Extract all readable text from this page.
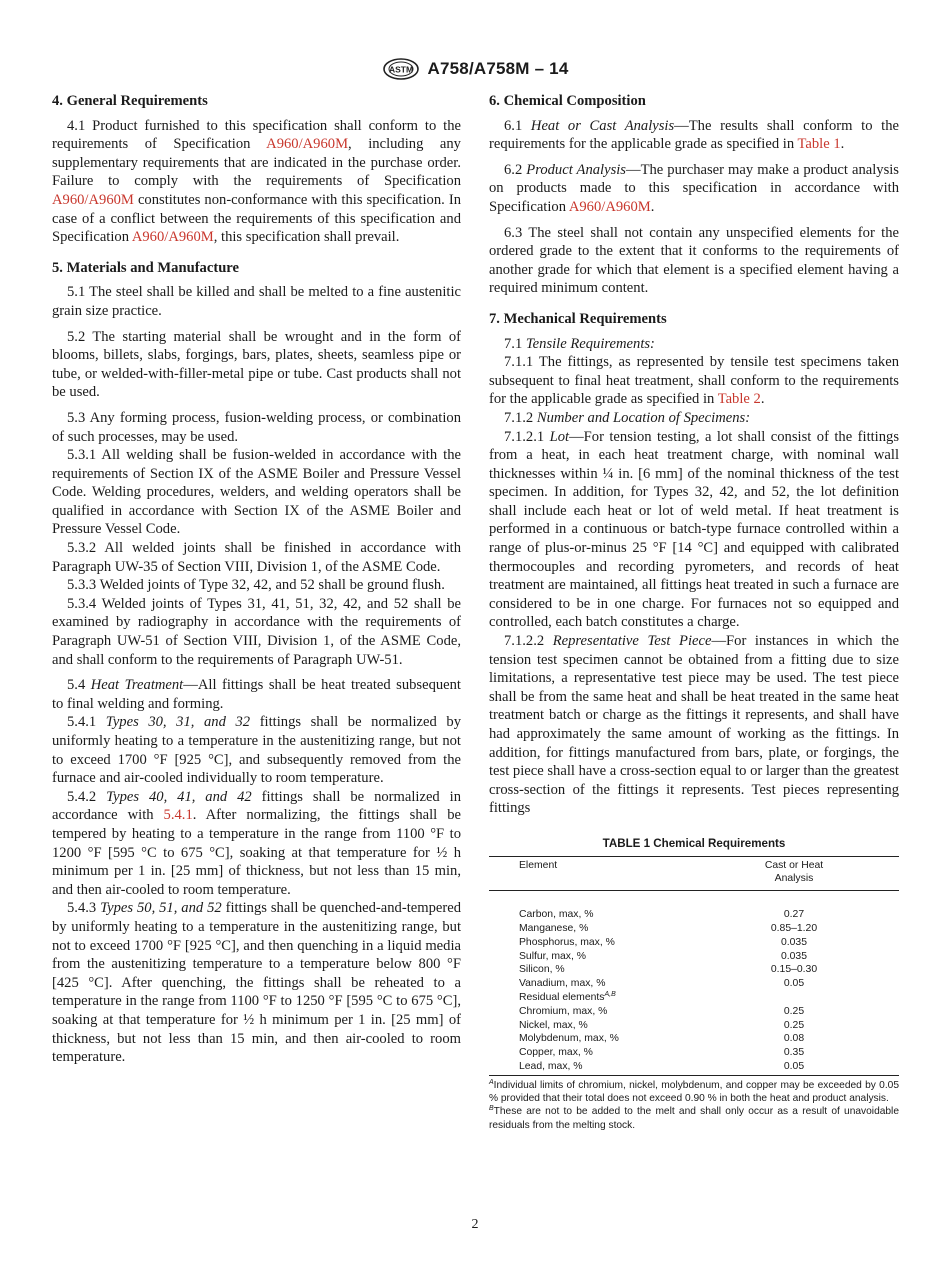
ASTM A758/A758M – 14
4. General Requirements

4.1 Product furnished to this specification shall conform to the requirements of Specification A960/A960M, including any supplementary requirements that are indicated in the purchase order. Failure to comply with the requirements of Specification A960/A960M constitutes non-conformance with this specification. In case of a conflict between the requirements of this specification and Specification A960/A960M, this specification shall prevail.

5. Materials and Manufacture

5.1 The steel shall be killed and shall be melted to a fine austenitic grain size practice.

5.2 The starting material shall be wrought and in the form of blooms, billets, slabs, forgings, bars, plates, sheets, seamless pipe or tube, or welded-with-filler-metal pipe or tube. Cast products shall not be used.

5.3 Any forming process, fusion-welding process, or combination of such processes, may be used.

5.3.1 All welding shall be fusion-welded in accordance with the requirements of Section IX of the ASME Boiler and Pressure Vessel Code. Welding procedures, welders, and welding operators shall be qualified in accordance with Section IX of the ASME Boiler and Pressure Vessel Code.

5.3.2 All welded joints shall be finished in accordance with Paragraph UW-35 of Section VIII, Division 1, of the ASME Code.

5.3.3 Welded joints of Type 32, 42, and 52 shall be ground flush.

5.3.4 Welded joints of Types 31, 41, 51, 32, 42, and 52 shall be examined by radiography in accordance with the requirements of Paragraph UW-51 of Section VIII, Division 1, of the ASME Code, and shall conform to the requirements of Paragraph UW-51.

5.4 Heat Treatment—All fittings shall be heat treated subsequent to final welding and forming.

5.4.1 Types 30, 31, and 32 fittings shall be normalized by uniformly heating to a temperature in the austenitizing range, but not to exceed 1700 °F [925 °C], and subsequently removed from the furnace and air-cooled individually to room temperature.

5.4.2 Types 40, 41, and 42 fittings shall be normalized in accordance with 5.4.1. After normalizing, the fittings shall be tempered by heating to a temperature in the range from 1100 °F to 1200 °F [595 °C to 675 °C], soaking at that temperature for ½ h minimum per 1 in. [25 mm] of thickness, but not less than 15 min, and then air-cooled to room temperature.

5.4.3 Types 50, 51, and 52 fittings shall be quenched-and-tempered by uniformly heating to a temperature in the austenitizing range, but not to exceed 1700 °F [925 °C], and then quenching in a liquid media from the austenitizing temperature to a temperature below 800 °F [425 °C]. After quenching, the fittings shall be reheated to a temperature in the range from 1100 °F to 1250 °F [595 °C to 675 °C], soaking at that temperature for ½ h minimum per 1 in. [25 mm] of thickness, but not less than 15 min, and then air-cooled to room temperature.

6. Chemical Composition

6.1 Heat or Cast Analysis—The results shall conform to the requirements for the applicable grade as specified in Table 1.

6.2 Product Analysis—The purchaser may make a product analysis on products made to this specification in accordance with Specification A960/A960M.

6.3 The steel shall not contain any unspecified elements for the ordered grade to the extent that it conforms to the requirements of another grade for which that element is a specified element having a required minimum content.

7. Mechanical Requirements

7.1 Tensile Requirements:

7.1.1 The fittings, as represented by tensile test specimens taken subsequent to final heat treatment, shall conform to the requirements for the applicable grade as specified in Table 2.

7.1.2 Number and Location of Specimens:

7.1.2.1 Lot—For tension testing, a lot shall consist of the fittings from a heat, in each heat treatment charge, with nominal wall thicknesses within ¼ in. [6 mm] of the nominal thickness of the test specimen. In addition, for Types 32, 42, and 52, the lot definition shall include each heat or lot of weld metal. If heat treatment is performed in a continuous or batch-type furnace controlled within a range of plus-or-minus 25 °F [14 °C] and equipped with calibrated thermocouples and recording pyrometers, and records of heat treatment are maintained, all fittings heat treated in such a furnace are considered to be in one charge. For furnaces not so equipped and controlled, each batch constitutes a charge.

7.1.2.2 Representative Test Piece—For instances in which the tension test specimen cannot be obtained from a fitting due to size limitations, a representative test piece may be used. The test piece shall be from the same heat and shall be heat treated in the same heat treatment batch or charge as the fittings it represents, and shall have had approximately the same amount of working as the fittings. In addition, for fittings manufactured from bars, plate, or forgings, the test piece shall have a cross-section equal to or larger than the greatest cross-section of the fittings it represents. Test pieces representing fittings

TABLE 1 Chemical Requirements
Element	Cast or Heat
Analysis

Carbon, max, %	0.27
Manganese, %	0.85–1.20
Phosphorus, max, %	0.035
Sulfur, max, %	0.035
Silicon, %	0.15–0.30
Vanadium, max, %	0.05
Residual elements$^{A,B}$	
Chromium, max, %	0.25
Nickel, max, %	0.25
Molybdenum, max, %	0.08
Copper, max, %	0.35
Lead, max, %	0.05

$^A$Individual limits of chromium, nickel, molybdenum, and copper may be exceeded by 0.05 % provided that their total does not exceed 0.90 % in both the heat and product analysis.

$^B$These are not to be added to the melt and shall only occur as a result of unavoidable residuals from the melting stock.

2
